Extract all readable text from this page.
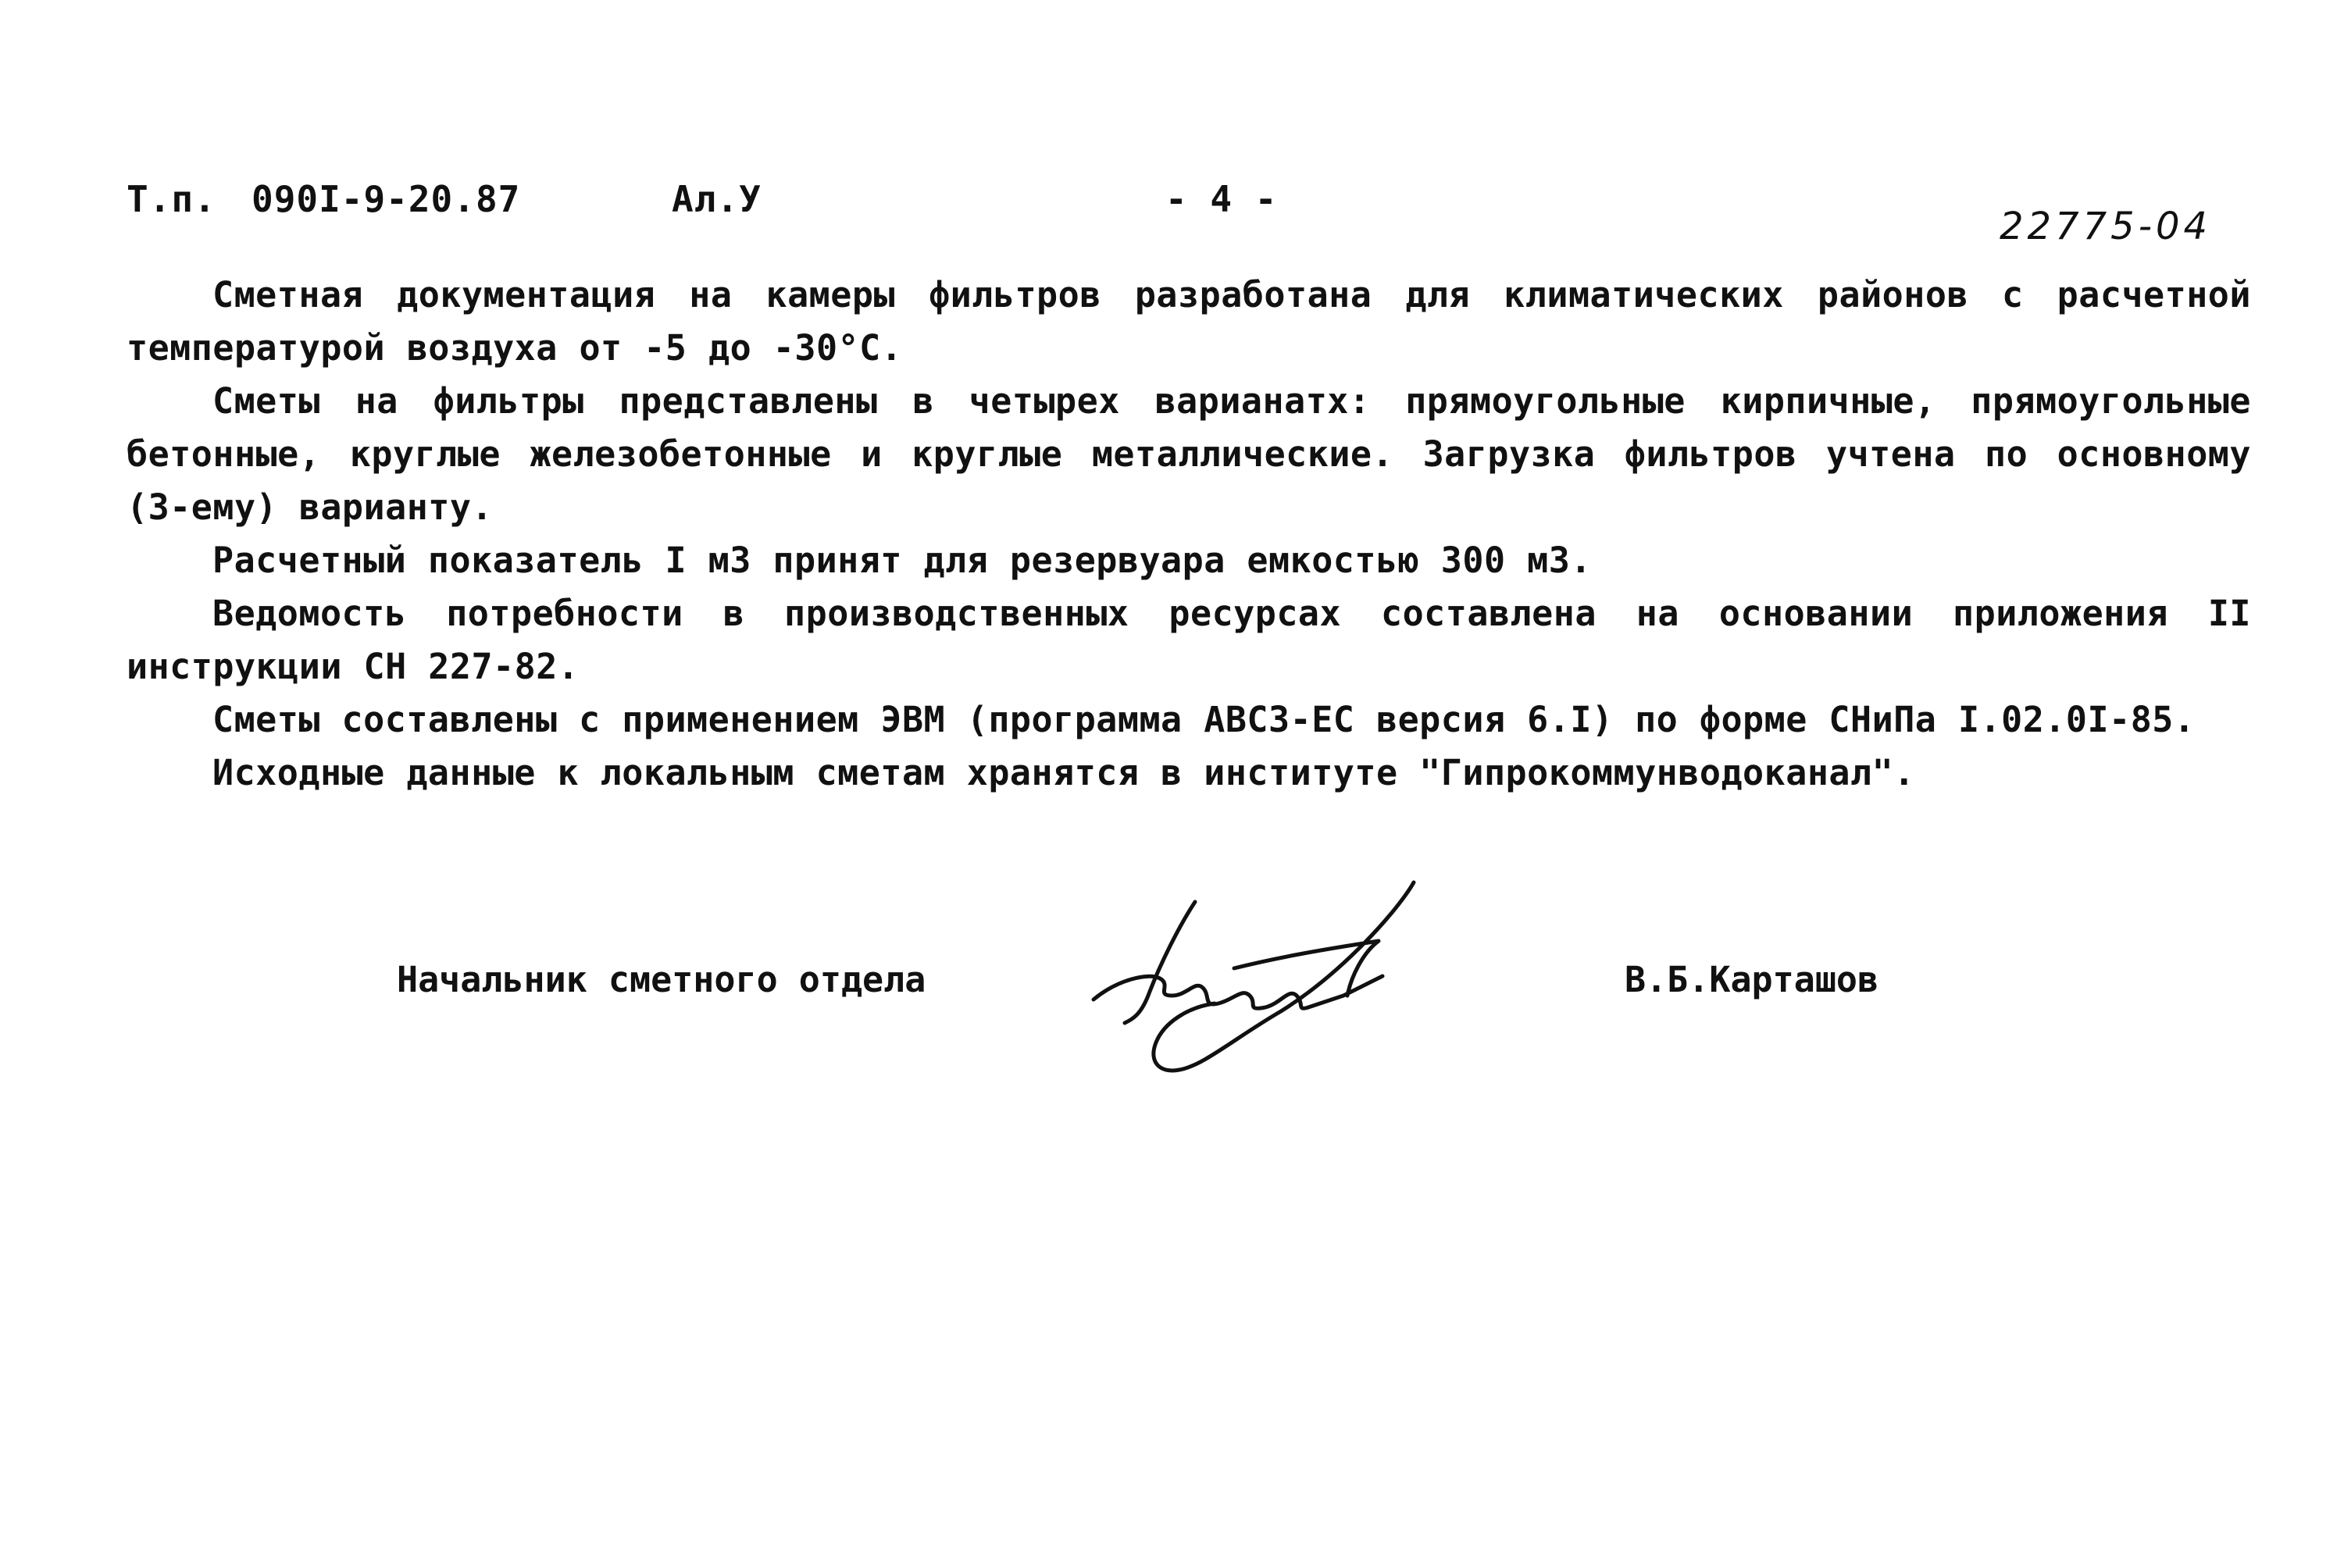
Т.п. 090I-9-20.87	Ал.У	- 4 -
22775-04

Сметная документация на камеры фильтров разработана для климатических районов с расчетной температурой воздуха от -5 до -30°С.

Сметы на фильтры представлены в четырех варианатх: прямоугольные кирпичные, прямоугольные бетонные, круглые железобетонные и круглые металлические. Загрузка фильтров учтена по основному (3-ему) варианту.

Расчетный показатель I м3 принят для резервуара емкостью 300 м3.

Ведомость потребности в производственных ресурсах составлена на основании приложения II инструкции СН 227-82.

Сметы составлены с применением ЭВМ (программа АВСЗ-ЕС версия 6.I) по форме СНиПа I.02.0I-85.

Исходные данные к локальным сметам хранятся в институте "Гипрокоммунводоканал".

Начальник сметного отдела	В.Б.Карташов
